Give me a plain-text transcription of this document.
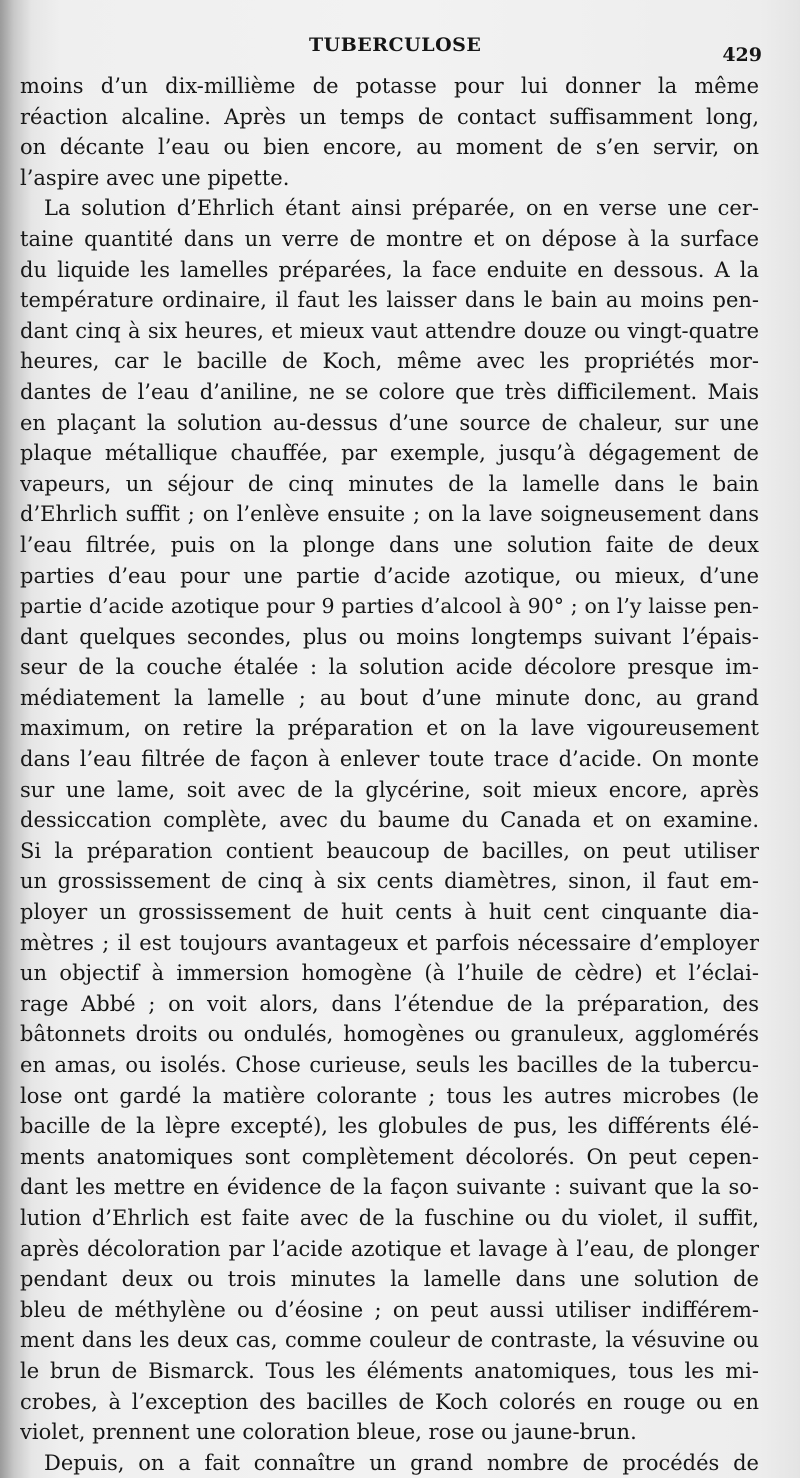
TUBERCULOSE	429
moins d’un dix-millième de potasse pour lui donner la même
réaction alcaline. Après un temps de contact suffisamment long,
on décante l’eau ou bien encore, au moment de s’en servir, on
l’aspire avec une pipette.
La solution d’Ehrlich étant ainsi préparée, on en verse une cer-
taine quantité dans un verre de montre et on dépose à la surface
du liquide les lamelles préparées, la face enduite en dessous. A la
température ordinaire, il faut les laisser dans le bain au moins pen-
dant cinq à six heures, et mieux vaut attendre douze ou vingt-quatre
heures, car le bacille de Koch, même avec les propriétés mor-
dantes de l’eau d’aniline, ne se colore que très difficilement. Mais
en plaçant la solution au-dessus d’une source de chaleur, sur une
plaque métallique chauffée, par exemple, jusqu’à dégagement de
vapeurs, un séjour de cinq minutes de la lamelle dans le bain
d’Ehrlich suffit ; on l’enlève ensuite ; on la lave soigneusement dans
l’eau filtrée, puis on la plonge dans une solution faite de deux
parties d’eau pour une partie d’acide azotique, ou mieux, d’une
partie d’acide azotique pour 9 parties d’alcool à 90° ; on l’y laisse pen-
dant quelques secondes, plus ou moins longtemps suivant l’épais-
seur de la couche étalée : la solution acide décolore presque im-
médiatement la lamelle ; au bout d’une minute donc, au grand
maximum, on retire la préparation et on la lave vigoureusement
dans l’eau filtrée de façon à enlever toute trace d’acide. On monte
sur une lame, soit avec de la glycérine, soit mieux encore, après
dessiccation complète, avec du baume du Canada et on examine.
Si la préparation contient beaucoup de bacilles, on peut utiliser
un grossissement de cinq à six cents diamètres, sinon, il faut em-
ployer un grossissement de huit cents à huit cent cinquante dia-
mètres ; il est toujours avantageux et parfois nécessaire d’employer
un objectif à immersion homogène (à l’huile de cèdre) et l’éclai-
rage Abbé ; on voit alors, dans l’étendue de la préparation, des
bâtonnets droits ou ondulés, homogènes ou granuleux, agglomérés
en amas, ou isolés. Chose curieuse, seuls les bacilles de la tubercu-
lose ont gardé la matière colorante ; tous les autres microbes (le
bacille de la lèpre excepté), les globules de pus, les différents élé-
ments anatomiques sont complètement décolorés. On peut cepen-
dant les mettre en évidence de la façon suivante : suivant que la so-
lution d’Ehrlich est faite avec de la fuschine ou du violet, il suffit,
après décoloration par l’acide azotique et lavage à l’eau, de plonger
pendant deux ou trois minutes la lamelle dans une solution de
bleu de méthylène ou d’éosine ; on peut aussi utiliser indifférem-
ment dans les deux cas, comme couleur de contraste, la vésuvine ou
le brun de Bismarck. Tous les éléments anatomiques, tous les mi-
crobes, à l’exception des bacilles de Koch colorés en rouge ou en
violet, prennent une coloration bleue, rose ou jaune-brun.
Depuis, on a fait connaître un grand nombre de procédés de
